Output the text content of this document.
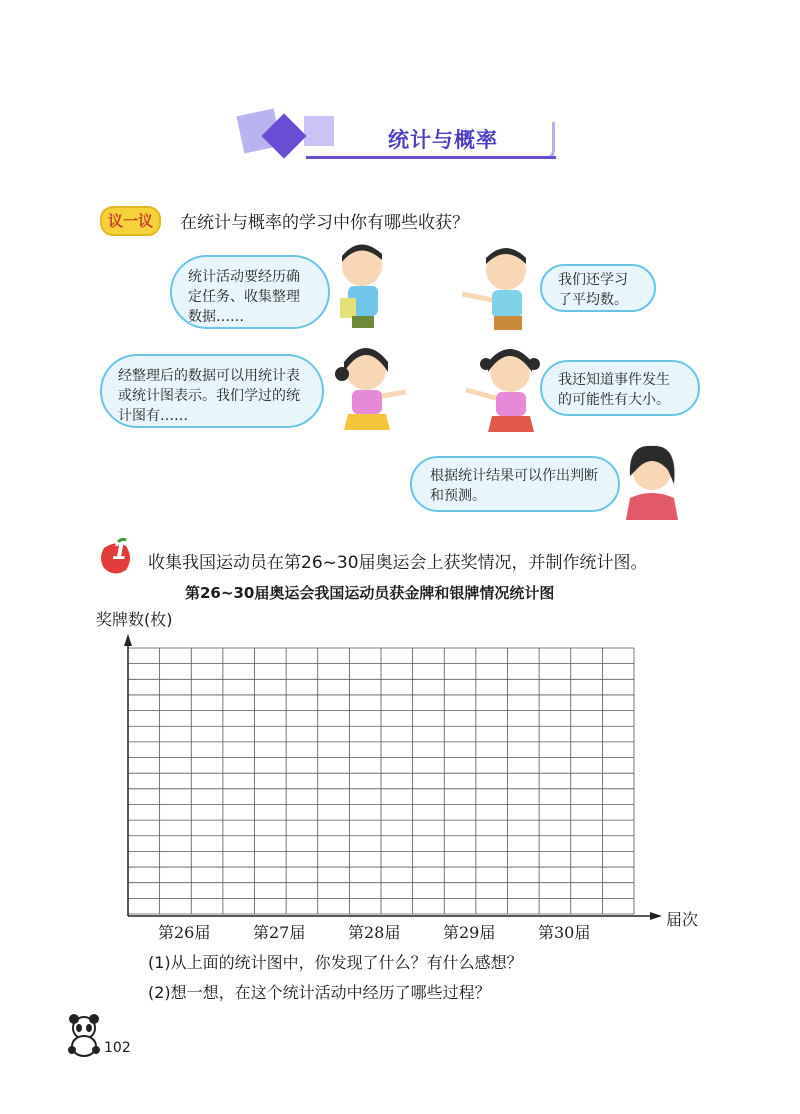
统计与概率
议一议	在统计与概率的学习中你有哪些收获？
统计活动要经历确定任务、收集整理数据……
我们还学习了平均数。
经整理后的数据可以用统计表或统计图表示。我们学过的统计图有……
我还知道事件发生的可能性有大小。
根据统计结果可以作出判断和预测。
1 收集我国运动员在第26~30届奥运会上获奖情况，并制作统计图。
第26~30届奥运会我国运动员获金牌和银牌情况统计图
奖牌数(枚)
届次
第26届	第27届	第28届	第29届	第30届
(1)从上面的统计图中，你发现了什么？有什么感想？
(2)想一想，在这个统计活动中经历了哪些过程？
102
